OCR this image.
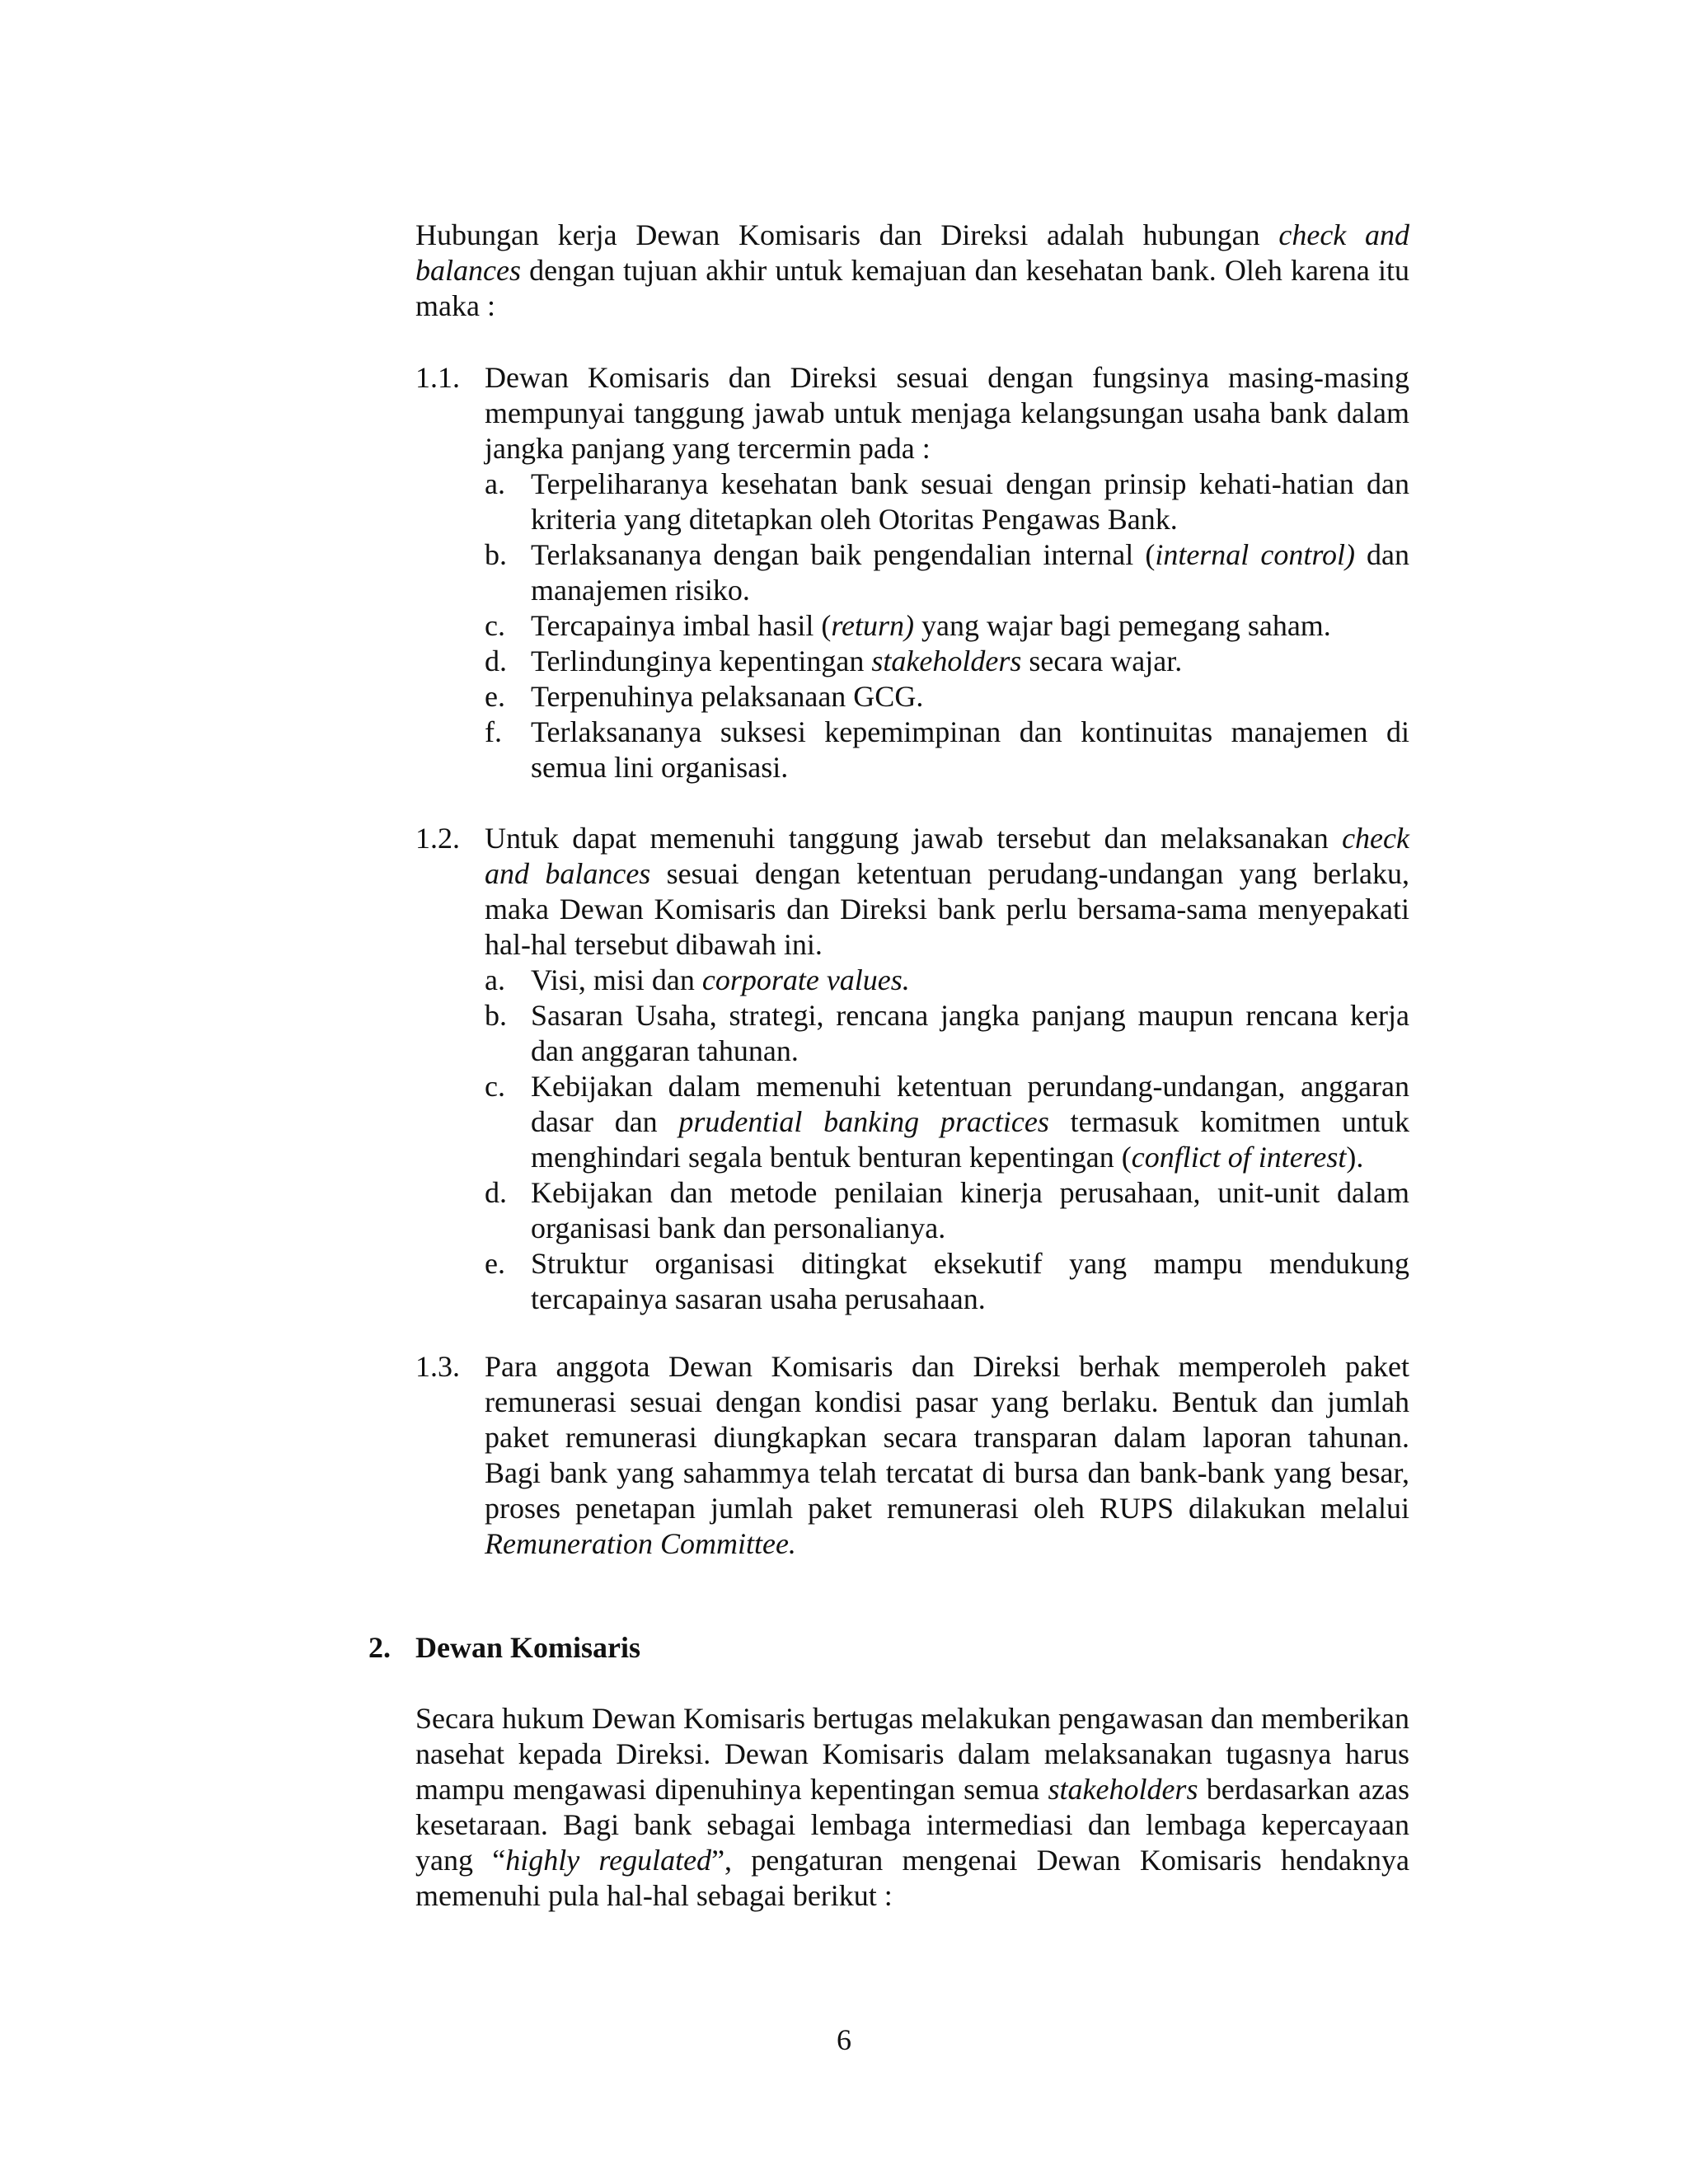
Hubungan kerja Dewan Komisaris dan Direksi adalah hubungan check and balances dengan tujuan akhir untuk kemajuan dan kesehatan bank. Oleh karena itu maka :

1.1. Dewan Komisaris dan Direksi sesuai dengan fungsinya masing-masing mempunyai tanggung jawab untuk menjaga kelangsungan usaha bank dalam jangka panjang yang tercermin pada :
a. Terpeliharanya kesehatan bank sesuai dengan prinsip kehati-hatian dan kriteria yang ditetapkan oleh Otoritas Pengawas Bank.
b. Terlaksananya dengan baik pengendalian internal (internal control) dan manajemen risiko.
c. Tercapainya imbal hasil (return) yang wajar bagi pemegang saham.
d. Terlindunginya kepentingan stakeholders secara wajar.
e. Terpenuhinya pelaksanaan GCG.
f. Terlaksananya suksesi kepemimpinan dan kontinuitas manajemen di semua lini organisasi.
1.2. Untuk dapat memenuhi tanggung jawab tersebut dan melaksanakan check and balances sesuai dengan ketentuan perudang-undangan yang berlaku, maka Dewan Komisaris dan Direksi bank perlu bersama-sama menyepakati hal-hal tersebut dibawah ini.
a. Visi, misi dan corporate values.
b. Sasaran Usaha, strategi, rencana jangka panjang maupun rencana kerja dan anggaran tahunan.
c. Kebijakan dalam memenuhi ketentuan perundang-undangan, anggaran dasar dan prudential banking practices termasuk komitmen untuk menghindari segala bentuk benturan kepentingan (conflict of interest).
d. Kebijakan dan metode penilaian kinerja perusahaan, unit-unit dalam organisasi bank dan personalianya.
e. Struktur organisasi ditingkat eksekutif yang mampu mendukung tercapainya sasaran usaha perusahaan.
1.3. Para anggota Dewan Komisaris dan Direksi berhak memperoleh paket remunerasi sesuai dengan kondisi pasar yang berlaku. Bentuk dan jumlah paket remunerasi diungkapkan secara transparan dalam laporan tahunan. Bagi bank yang sahammya telah tercatat di bursa dan bank-bank yang besar, proses penetapan jumlah paket remunerasi oleh RUPS dilakukan melalui Remuneration Committee.
2. Dewan Komisaris

Secara hukum Dewan Komisaris bertugas melakukan pengawasan dan memberikan nasehat kepada Direksi. Dewan Komisaris dalam melaksanakan tugasnya harus mampu mengawasi dipenuhinya kepentingan semua stakeholders berdasarkan azas kesetaraan. Bagi bank sebagai lembaga intermediasi dan lembaga kepercayaan yang “highly regulated”, pengaturan mengenai Dewan Komisaris hendaknya memenuhi pula hal-hal sebagai berikut :

6
